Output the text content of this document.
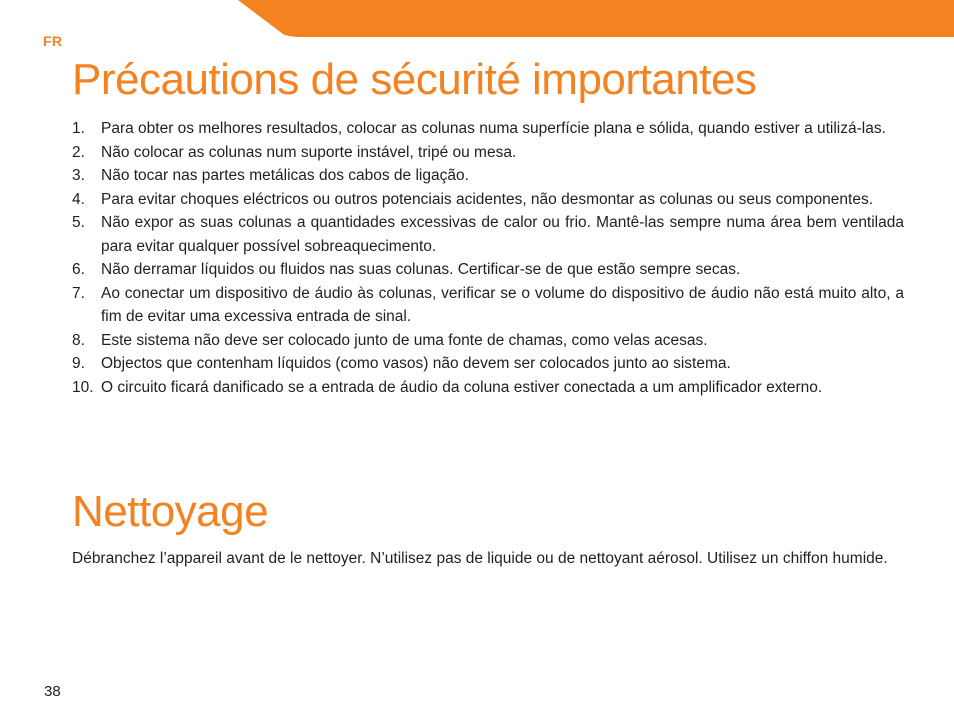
FR
Précautions de sécurité importantes
1. Para obter os melhores resultados, colocar as colunas numa superfície plana e sólida, quando estiver a utilizá-las.
2. Não colocar as colunas num suporte instável, tripé ou mesa.
3. Não tocar nas partes metálicas dos cabos de ligação.
4. Para evitar choques eléctricos ou outros potenciais acidentes, não desmontar as colunas ou seus componentes.
5. Não expor as suas colunas a quantidades excessivas de calor ou frio. Mantê-las sempre numa área bem ventilada para evitar qualquer possível sobreaquecimento.
6. Não derramar líquidos ou fluidos nas suas colunas. Certificar-se de que estão sempre secas.
7. Ao conectar um dispositivo de áudio às colunas, verificar se o volume do dispositivo de áudio não está muito alto, a fim de evitar uma excessiva entrada de sinal.
8. Este sistema não deve ser colocado junto de uma fonte de chamas, como velas acesas.
9. Objectos que contenham líquidos (como vasos) não devem ser colocados junto ao sistema.
10. O circuito ficará danificado se a entrada de áudio da coluna estiver conectada a um amplificador externo.
Nettoyage

Débranchez l’appareil avant de le nettoyer. N’utilisez pas de liquide ou de nettoyant aérosol. Utilisez un chiffon humide.

38
